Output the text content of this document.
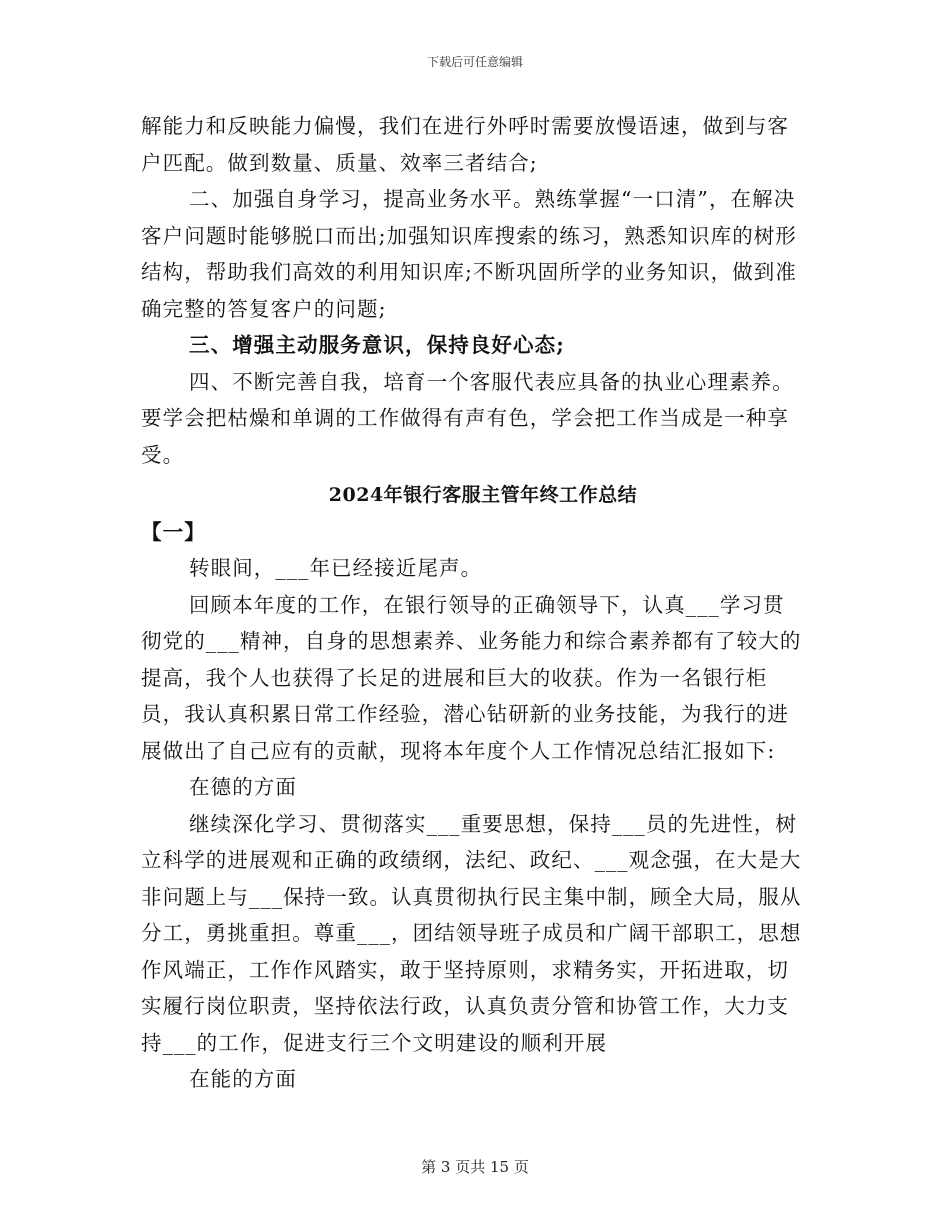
下载后可任意编辑

解能力和反映能力偏慢，我们在进行外呼时需要放慢语速，做到与客户匹配。做到数量、质量、效率三者结合;

二、加强自身学习，提高业务水平。熟练掌握“一口清”，在解决客户问题时能够脱口而出;加强知识库搜索的练习，熟悉知识库的树形结构，帮助我们高效的利用知识库;不断巩固所学的业务知识，做到准确完整的答复客户的问题;

三、增强主动服务意识，保持良好心态;

四、不断完善自我，培育一个客服代表应具备的执业心理素养。要学会把枯燥和单调的工作做得有声有色，学会把工作当成是一种享受。

2024年银行客服主管年终工作总结

【一】

转眼间，___年已经接近尾声。

回顾本年度的工作，在银行领导的正确领导下，认真___学习贯彻党的___精神，自身的思想素养、业务能力和综合素养都有了较大的提高，我个人也获得了长足的进展和巨大的收获。作为一名银行柜员，我认真积累日常工作经验，潜心钻研新的业务技能，为我行的进展做出了自己应有的贡献，现将本年度个人工作情况总结汇报如下:

在德的方面

继续深化学习、贯彻落实___重要思想，保持___员的先进性，树立科学的进展观和正确的政绩纲，法纪、政纪、___观念强，在大是大非问题上与___保持一致。认真贯彻执行民主集中制，顾全大局，服从分工，勇挑重担。尊重___，团结领导班子成员和广阔干部职工，思想作风端正，工作作风踏实，敢于坚持原则，求精务实，开拓进取，切实履行岗位职责，坚持依法行政，认真负责分管和协管工作，大力支持___的工作，促进支行三个文明建设的顺利开展

在能的方面

第 3 页共 15 页
